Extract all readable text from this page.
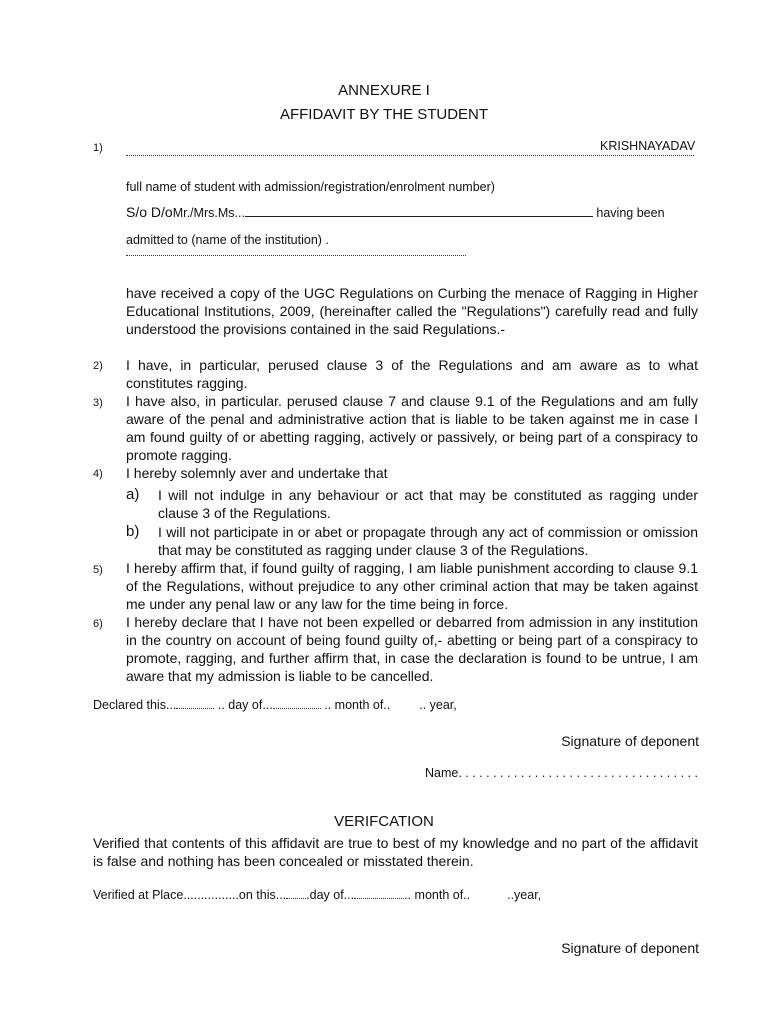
ANNEXURE I
AFFIDAVIT BY THE STUDENT
1)	KRISHNAYADAV
full name of student with admission/registration/enrolment number)
S/o D/oMr./Mrs.Ms...	having been
admitted to (name of the institution) .
have received a copy of the UGC Regulations on Curbing the menace of Ragging in Higher Educational Institutions, 2009, (hereinafter called the "Regulations") carefully read and fully understood the provisions contained in the said Regulations.-
2) I have, in particular, perused clause 3 of the Regulations and am aware as to what constitutes ragging.
3) I have also, in particular. perused clause 7 and clause 9.1 of the Regulations and am fully aware of the penal and administrative action that is liable to be taken against me in case I am found guilty of or abetting ragging, actively or passively, or being part of a conspiracy to promote ragging.
4) I hereby solemnly aver and undertake that
a) I will not indulge in any behaviour or act that may be constituted as ragging under clause 3 of the Regulations.
b) I will not participate in or abet or propagate through any act of commission or omission that may be constituted as ragging under clause 3 of the Regulations.
5) I hereby affirm that, if found guilty of ragging, I am liable punishment according to clause 9.1 of the Regulations, without prejudice to any other criminal action that may be taken against me under any penal law or any law for the time being in force.
6) I hereby declare that I have not been expelled or debarred from admission in any institution in the country on account of being found guilty of,- abetting or being part of a conspiracy to promote, ragging, and further affirm that, in case the declaration is found to be untrue, I am aware that my admission is liable to be cancelled.
Declared this...	.. day of...	.. month of.. .. year,
Signature of deponent
Name. . . . . . . . . . . . . . . . . . . . . . . . . . . . . . . . . . .
VERIFCATION
Verified that contents of this affidavit are true to best of my knowledge and no part of the affidavit is false and nothing has been concealed or misstated therein.
Verified at Place................on this... .day of...	.. month of..	..year,
Signature of deponent
